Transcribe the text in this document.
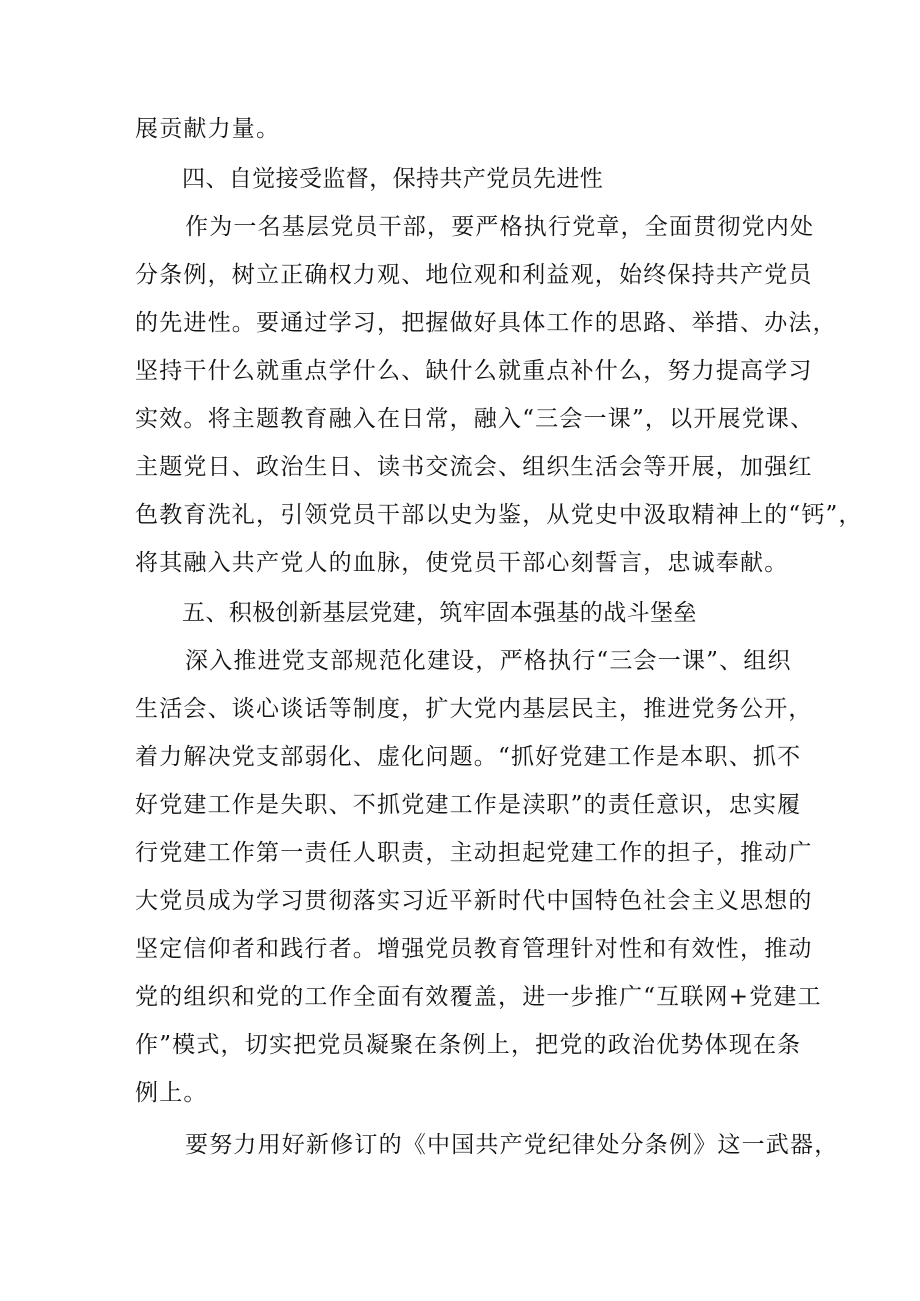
展贡献力量。
四、自觉接受监督，保持共产党员先进性
作为一名基层党员干部，要严格执行党章，全面贯彻党内处
分条例，树立正确权力观、地位观和利益观，始终保持共产党员
的先进性。要通过学习，把握做好具体工作的思路、举措、办法，
坚持干什么就重点学什么、缺什么就重点补什么，努力提高学习
实效。将主题教育融入在日常，融入“三会一课”，以开展党课、
主题党日、政治生日、读书交流会、组织生活会等开展，加强红
色教育洗礼，引领党员干部以史为鉴，从党史中汲取精神上的“钙”，
将其融入共产党人的血脉，使党员干部心刻誓言，忠诚奉献。
五、积极创新基层党建，筑牢固本强基的战斗堡垒
深入推进党支部规范化建设，严格执行“三会一课”、组织
生活会、谈心谈话等制度，扩大党内基层民主，推进党务公开，
着力解决党支部弱化、虚化问题。“抓好党建工作是本职、抓不
好党建工作是失职、不抓党建工作是渎职”的责任意识，忠实履
行党建工作第一责任人职责，主动担起党建工作的担子，推动广
大党员成为学习贯彻落实习近平新时代中国特色社会主义思想的
坚定信仰者和践行者。增强党员教育管理针对性和有效性，推动
党的组织和党的工作全面有效覆盖，进一步推广“互联网+党建工
作”模式，切实把党员凝聚在条例上，把党的政治优势体现在条
例上。
要努力用好新修订的《中国共产党纪律处分条例》这一武器，
